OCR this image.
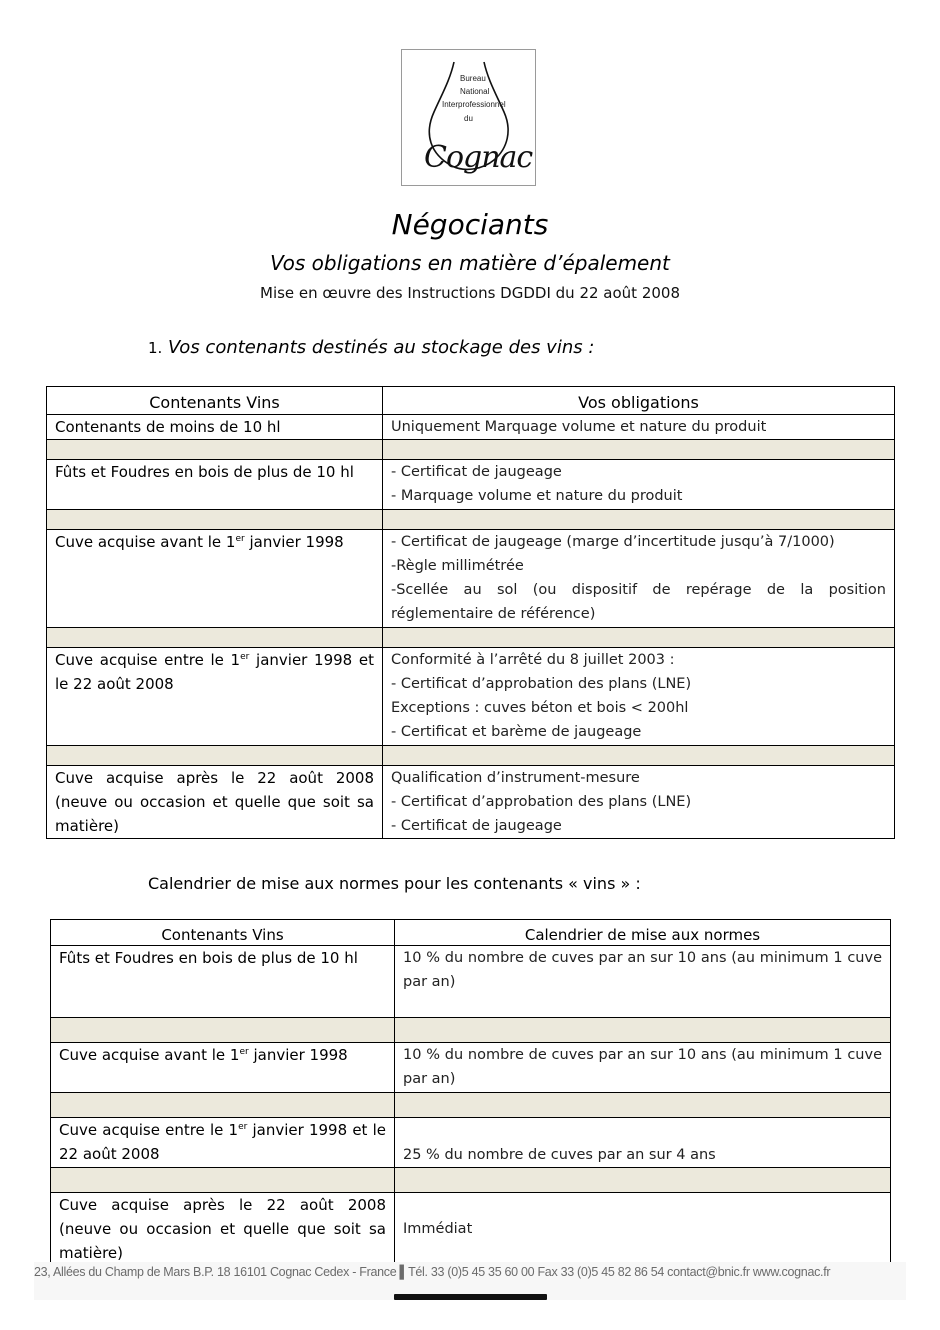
Bureau
National
Interprofessionnel
du
Cognac
Négociants
Vos obligations en matière d’épalement
Mise en œuvre des Instructions DGDDI du 22 août 2008
1. Vos contenants destinés au stockage des vins :
Contenants Vins	Vos obligations
Contenants de moins de 10 hl	Uniquement Marquage volume et nature du produit

Fûts et Foudres en bois de plus de 10 hl	- Certificat de jaugeage
- Marquage volume et nature du produit

Cuve acquise avant le 1er janvier 1998	- Certificat de jaugeage (marge d’incertitude jusqu’à 7/1000)
-Règle millimétrée
-Scellée au sol (ou dispositif de repérage de la position réglementaire de référence)

Cuve acquise entre le 1er janvier 1998 et le 22 août 2008	Conformité à l’arrêté du 8 juillet 2003 :
- Certificat d’approbation des plans (LNE)
Exceptions : cuves béton et bois < 200hl
- Certificat et barème de jaugeage

Cuve acquise après le 22 août 2008 (neuve ou occasion et quelle que soit sa matière)	Qualification d’instrument-mesure
- Certificat d’approbation des plans (LNE)
- Certificat de jaugeage
Calendrier de mise aux normes pour les contenants « vins » :
Contenants Vins	Calendrier de mise aux normes
Fûts et Foudres en bois de plus de 10 hl	10 % du nombre de cuves par an sur 10 ans (au minimum 1 cuve par an)

Cuve acquise avant le 1er janvier 1998	10 % du nombre de cuves par an sur 10 ans (au minimum 1 cuve par an)

Cuve acquise entre le 1er janvier 1998 et le 22 août 2008	25 % du nombre de cuves par an sur 4 ans

Cuve acquise après le 22 août 2008 (neuve ou occasion et quelle que soit sa matière)	Immédiat
23, Allées du Champ de Mars B.P. 18 16101 Cognac Cedex - France ▌Tél. 33 (0)5 45 35 60 00 Fax 33 (0)5 45 82 86 54 contact@bnic.fr www.cognac.fr
